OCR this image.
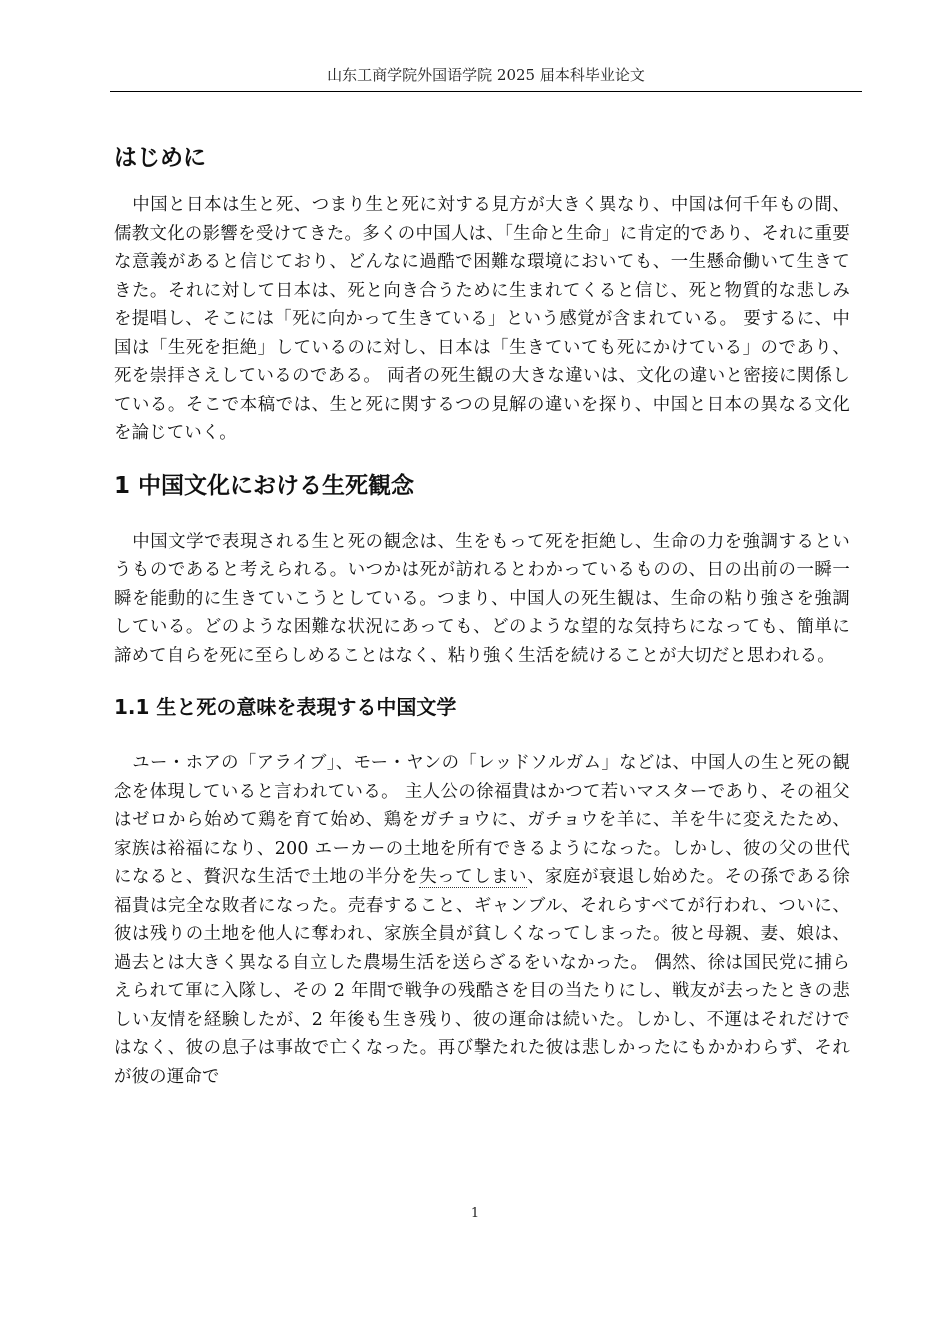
山东工商学院外国语学院 2025 届本科毕业论文
はじめに

中国と日本は生と死、つまり生と死に対する見方が大きく異なり、中国は何千年もの間、儒教文化の影響を受けてきた。多くの中国人は、「生命と生命」に肯定的であり、それに重要な意義があると信じており、どんなに過酷で困難な環境においても、一生懸命働いて生きてきた。それに対して日本は、死と向き合うために生まれてくると信じ、死と物質的な悲しみを提唱し、そこには「死に向かって生きている」という感覚が含まれている。 要するに、中国は「生死を拒絶」しているのに対し、日本は「生きていても死にかけている」のであり、死を崇拝さえしているのである。 両者の死生観の大きな違いは、文化の違いと密接に関係している。そこで本稿では、生と死に関するつの見解の違いを探り、中国と日本の異なる文化を論じていく。

1 中国文化における生死観念

中国文学で表現される生と死の観念は、生をもって死を拒絶し、生命の力を強調するというものであると考えられる。いつかは死が訪れるとわかっているものの、日の出前の一瞬一瞬を能動的に生きていこうとしている。つまり、中国人の死生観は、生命の粘り強さを強調している。どのような困難な状況にあっても、どのような望的な気持ちになっても、簡単に諦めて自らを死に至らしめることはなく、粘り強く生活を続けることが大切だと思われる。

1.1 生と死の意味を表現する中国文学

ユー・ホアの「アライブ」、モー・ヤンの「レッドソルガム」などは、中国人の生と死の観念を体現していると言われている。 主人公の徐福貴はかつて若いマスターであり、その祖父はゼロから始めて鶏を育て始め、鶏をガチョウに、ガチョウを羊に、羊を牛に変えたため、家族は裕福になり、200 エーカーの土地を所有できるようになった。しかし、彼の父の世代になると、贅沢な生活で土地の半分を失ってしまい、家庭が衰退し始めた。その孫である徐福貴は完全な敗者になった。売春すること、ギャンブル、それらすべてが行われ、ついに、彼は残りの土地を他人に奪われ、家族全員が貧しくなってしまった。彼と母親、妻、娘は、過去とは大きく異なる自立した農場生活を送らざるをいなかった。 偶然、徐は国民党に捕らえられて軍に入隊し、その 2 年間で戦争の残酷さを目の当たりにし、戦友が去ったときの悲しい友情を経験したが、2 年後も生き残り、彼の運命は続いた。しかし、不運はそれだけではなく、彼の息子は事故で亡くなった。再び撃たれた彼は悲しかったにもかかわらず、それが彼の運命で

1
